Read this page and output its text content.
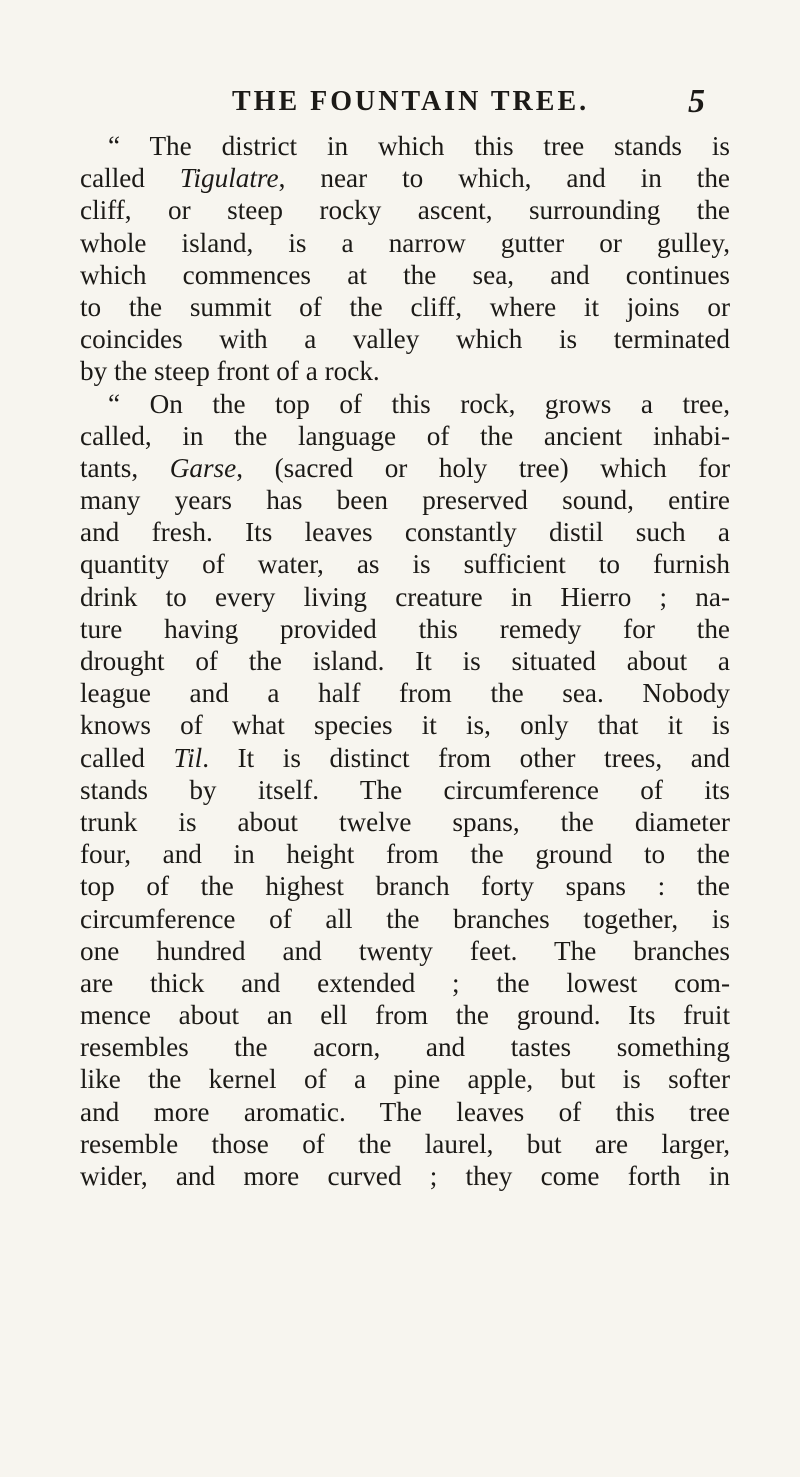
THE FOUNTAIN TREE.	5
“ The district in which this tree stands is
called Tigulatre, near to which, and in the
cliff, or steep rocky ascent, surrounding the
whole island, is a narrow gutter or gulley,
which commences at the sea, and continues
to the summit of the cliff, where it joins or
coincides with a valley which is terminated
by the steep front of a rock.
“ On the top of this rock, grows a tree,
called, in the language of the ancient inhabi-
tants, Garse, (sacred or holy tree) which for
many years has been preserved sound, entire
and fresh. Its leaves constantly distil such a
quantity of water, as is sufficient to furnish
drink to every living creature in Hierro ; na-
ture having provided this remedy for the
drought of the island. It is situated about a
league and a half from the sea. Nobody
knows of what species it is, only that it is
called Til. It is distinct from other trees, and
stands by itself. The circumference of its
trunk is about twelve spans, the diameter
four, and in height from the ground to the
top of the highest branch forty spans : the
circumference of all the branches together, is
one hundred and twenty feet. The branches
are thick and extended ; the lowest com-
mence about an ell from the ground. Its fruit
resembles the acorn, and tastes something
like the kernel of a pine apple, but is softer
and more aromatic. The leaves of this tree
resemble those of the laurel, but are larger,
wider, and more curved ; they come forth in
